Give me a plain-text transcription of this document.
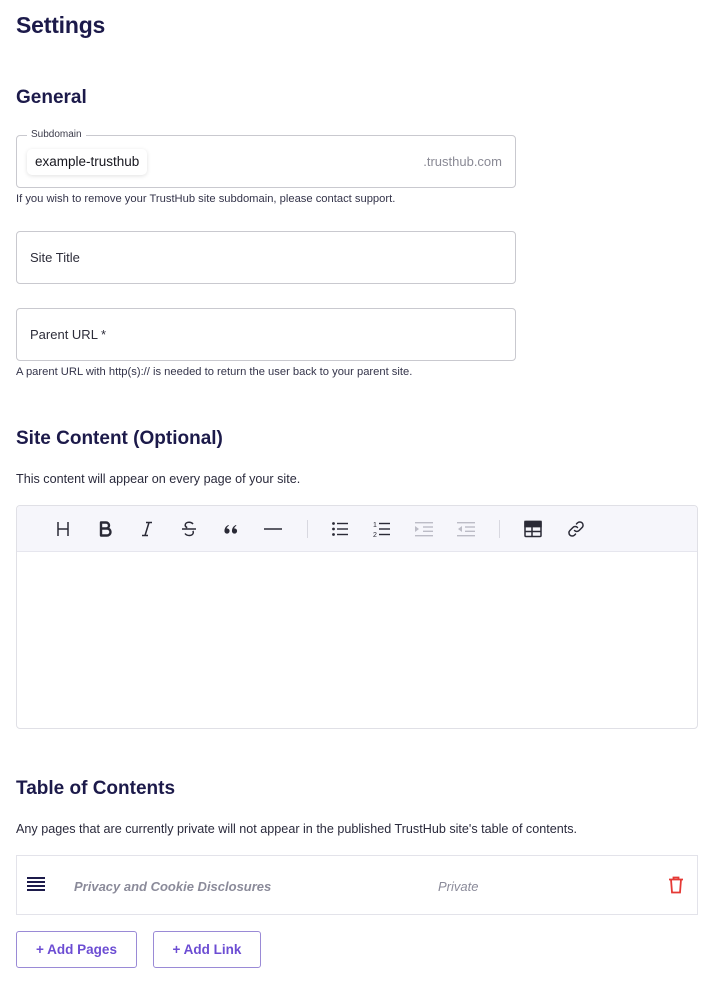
Settings
General
Subdomain
example-trusthub	.trusthub.com
If you wish to remove your TrustHub site subdomain, please contact support.
Site Title
Parent URL *
A parent URL with http(s):// is needed to return the user back to your parent site.
Site Content (Optional)
This content will appear on every page of your site.
1
2
Table of Contents
Any pages that are currently private will not appear in the published TrustHub site's table of contents.
Privacy and Cookie Disclosures	Private
+ Add Pages	+ Add Link
